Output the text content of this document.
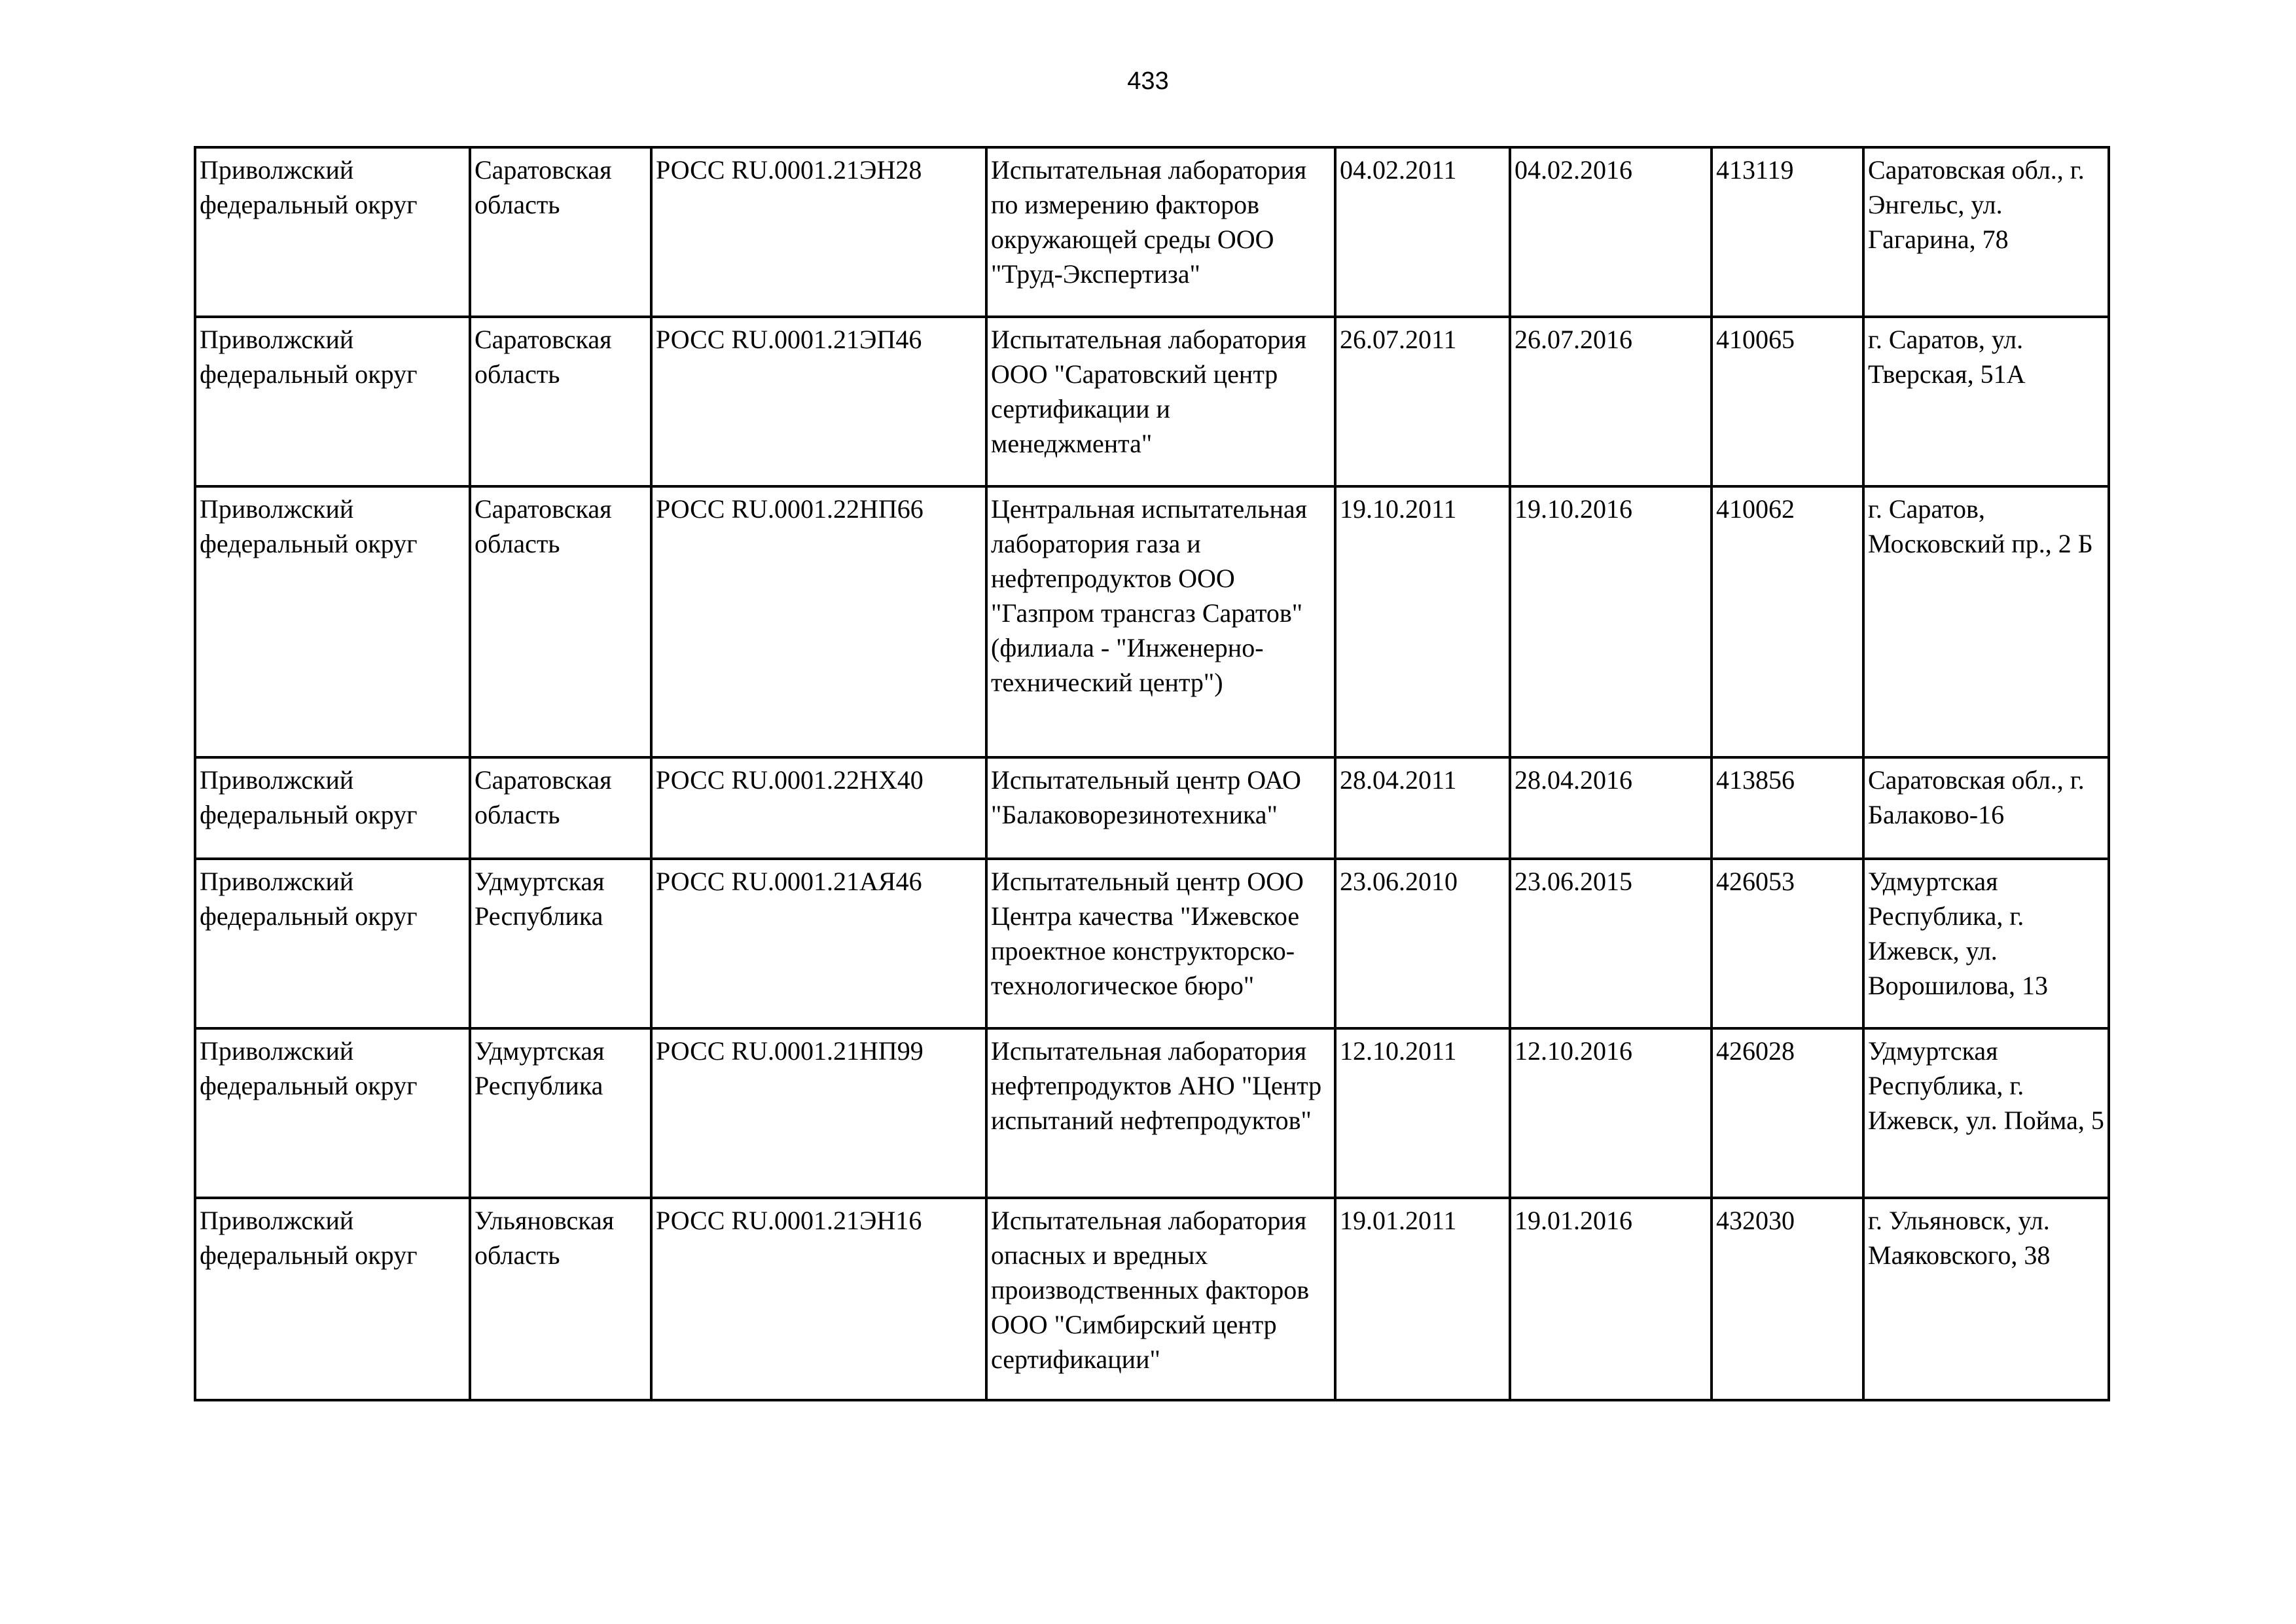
433
Приволжский федеральный округ	Саратовская область	РОСС RU.0001.21ЭН28	Испытательная лаборатория по измерению факторов окружающей среды ООО "Труд-Экспертиза"	04.02.2011	04.02.2016	413119	Саратовская обл., г. Энгельс, ул. Гагарина, 78
Приволжский федеральный округ	Саратовская область	РОСС RU.0001.21ЭП46	Испытательная лаборатория ООО "Саратовский центр сертификации и менеджмента"	26.07.2011	26.07.2016	410065	г. Саратов, ул. Тверская, 51А
Приволжский федеральный округ	Саратовская область	РОСС RU.0001.22НП66	Центральная испытательная лаборатория газа и нефтепродуктов ООО "Газпром трансгаз Саратов" (филиала - "Инженерно-технический центр")	19.10.2011	19.10.2016	410062	г. Саратов, Московский пр., 2 Б
Приволжский федеральный округ	Саратовская область	РОСС RU.0001.22НХ40	Испытательный центр ОАО "Балаковорезинотехника"	28.04.2011	28.04.2016	413856	Саратовская обл., г. Балаково-16
Приволжский федеральный округ	Удмуртская Республика	РОСС RU.0001.21АЯ46	Испытательный центр ООО Центра качества "Ижевское проектное конструкторско-технологическое бюро"	23.06.2010	23.06.2015	426053	Удмуртская Республика, г. Ижевск, ул. Ворошилова, 13
Приволжский федеральный округ	Удмуртская Республика	РОСС RU.0001.21НП99	Испытательная лаборатория нефтепродуктов АНО "Центр испытаний нефтепродуктов"	12.10.2011	12.10.2016	426028	Удмуртская Республика, г. Ижевск, ул. Пойма, 5
Приволжский федеральный округ	Ульяновская область	РОСС RU.0001.21ЭН16	Испытательная лаборатория опасных и вредных производственных факторов ООО "Симбирский центр сертификации"	19.01.2011	19.01.2016	432030	г. Ульяновск, ул. Маяковского, 38
